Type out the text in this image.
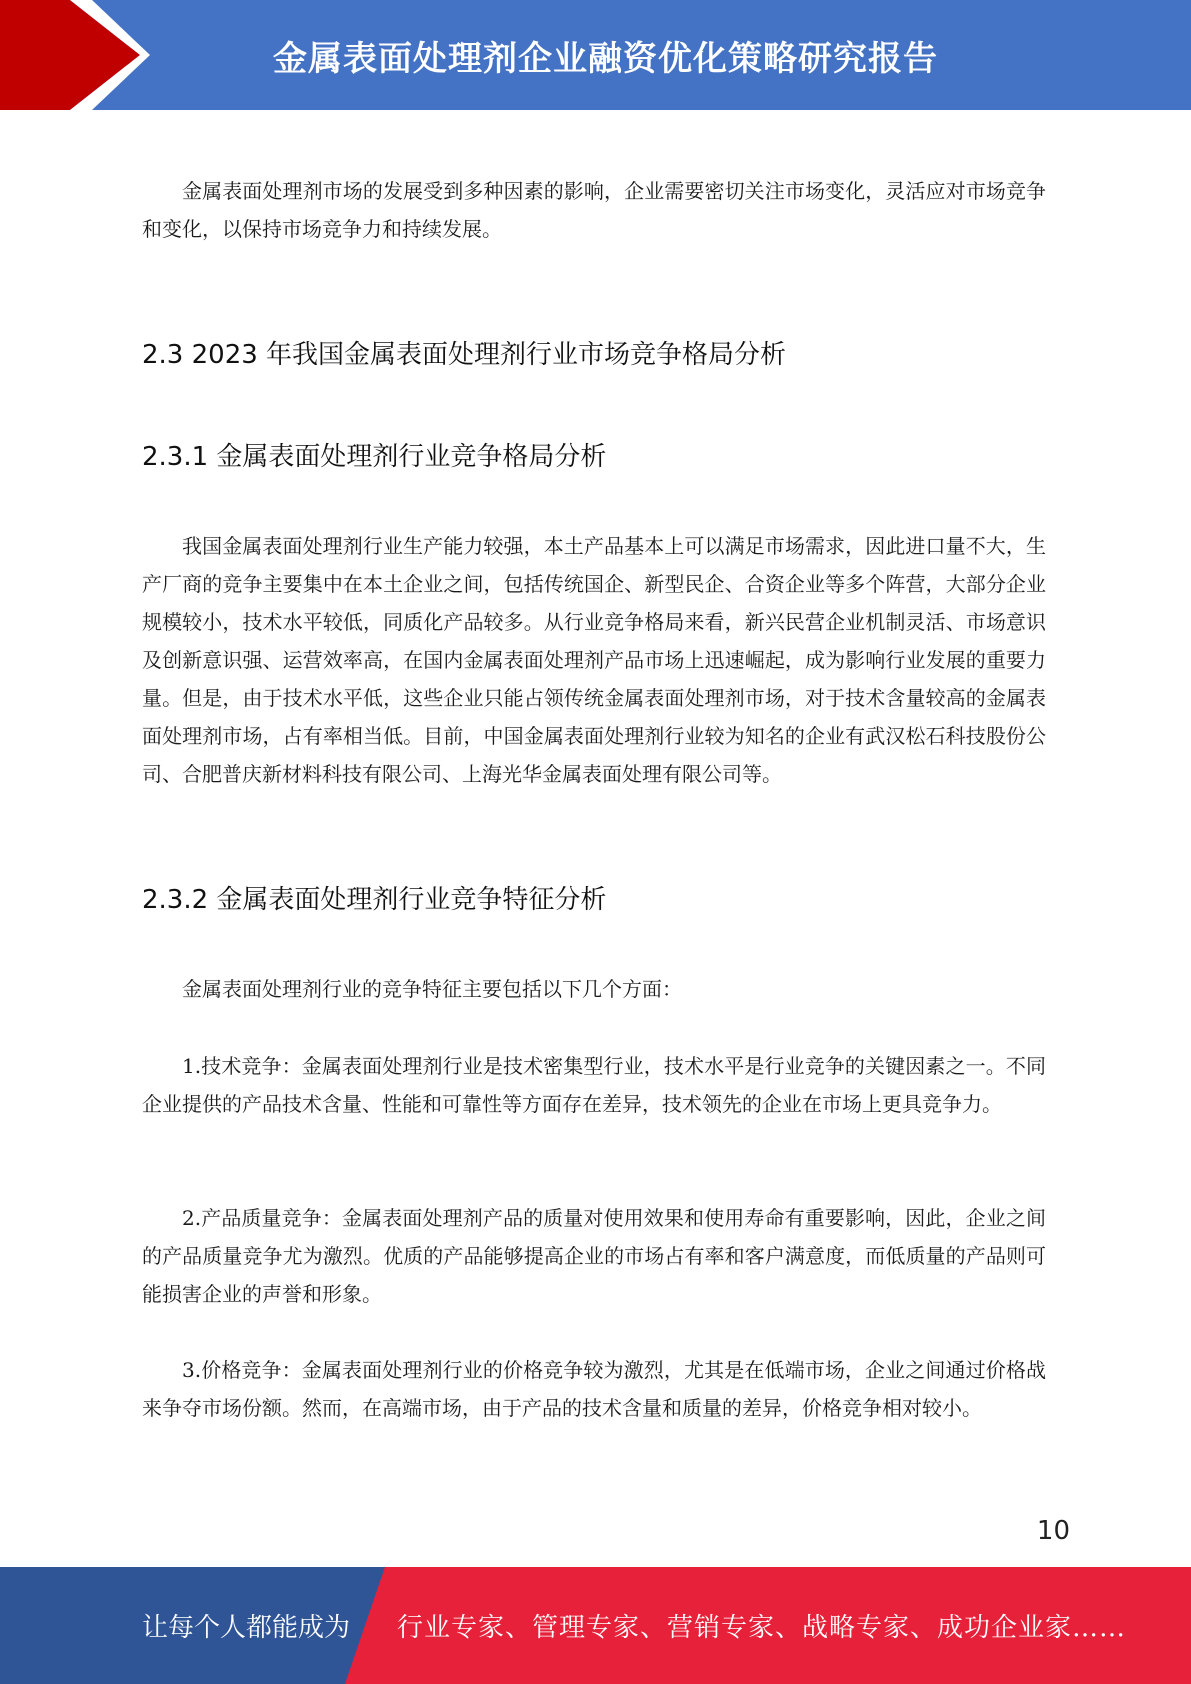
金属表面处理剂企业融资优化策略研究报告

金属表面处理剂市场的发展受到多种因素的影响，企业需要密切关注市场变化，灵活应对市场竞争和变化，以保持市场竞争力和持续发展。

2.3 2023 年我国金属表面处理剂行业市场竞争格局分析
2.3.1 金属表面处理剂行业竞争格局分析

我国金属表面处理剂行业生产能力较强，本土产品基本上可以满足市场需求，因此进口量不大，生产厂商的竞争主要集中在本土企业之间，包括传统国企、新型民企、合资企业等多个阵营，大部分企业规模较小，技术水平较低，同质化产品较多。从行业竞争格局来看，新兴民营企业机制灵活、市场意识及创新意识强、运营效率高，在国内金属表面处理剂产品市场上迅速崛起，成为影响行业发展的重要力量。但是，由于技术水平低，这些企业只能占领传统金属表面处理剂市场，对于技术含量较高的金属表面处理剂市场，占有率相当低。目前，中国金属表面处理剂行业较为知名的企业有武汉松石科技股份公司、合肥普庆新材料科技有限公司、上海光华金属表面处理有限公司等。

2.3.2 金属表面处理剂行业竞争特征分析

金属表面处理剂行业的竞争特征主要包括以下几个方面：

1.技术竞争：金属表面处理剂行业是技术密集型行业，技术水平是行业竞争的关键因素之一。不同企业提供的产品技术含量、性能和可靠性等方面存在差异，技术领先的企业在市场上更具竞争力。

2.产品质量竞争：金属表面处理剂产品的质量对使用效果和使用寿命有重要影响，因此，企业之间的产品质量竞争尤为激烈。优质的产品能够提高企业的市场占有率和客户满意度，而低质量的产品则可能损害企业的声誉和形象。

3.价格竞争：金属表面处理剂行业的价格竞争较为激烈，尤其是在低端市场，企业之间通过价格战来争夺市场份额。然而，在高端市场，由于产品的技术含量和质量的差异，价格竞争相对较小。

10
让每个人都能成为 行业专家、管理专家、营销专家、战略专家、成功企业家……
